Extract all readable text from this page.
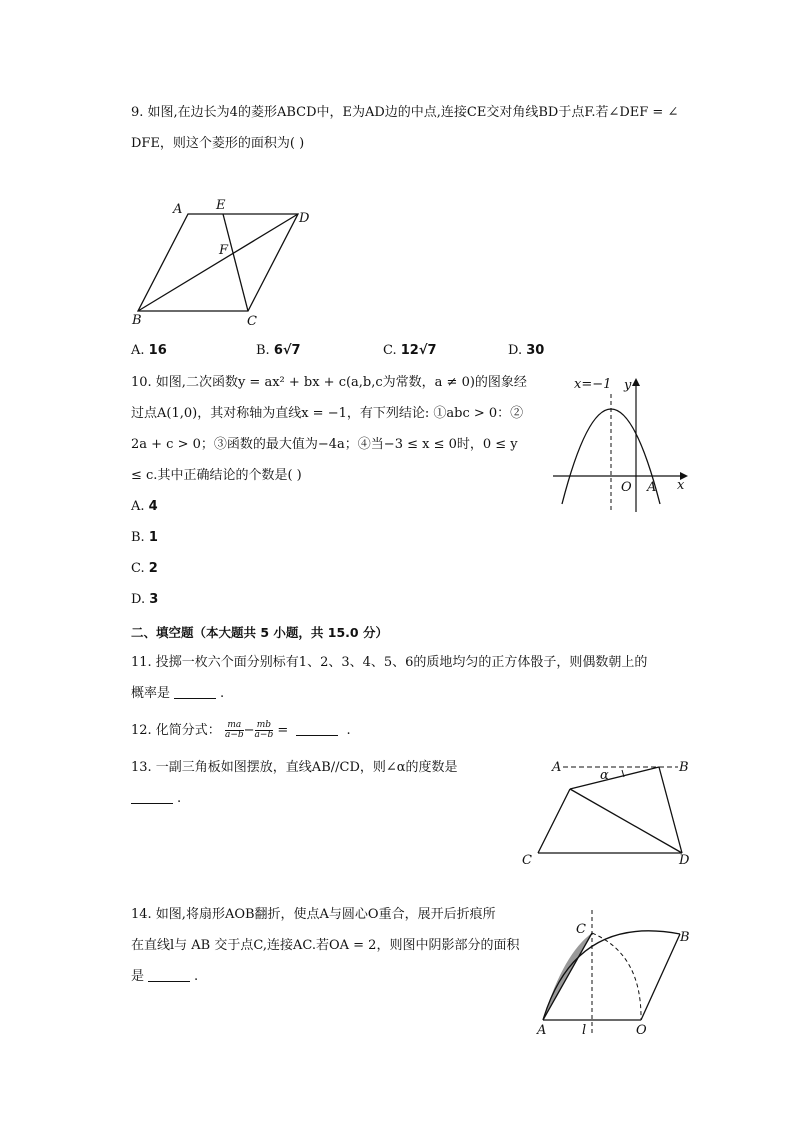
9. 如图,在边长为4的菱形ABCD中，E为AD边的中点,连接CE交对角线BD于点F.若∠DEF = ∠
DFE，则这个菱形的面积为( )
A	E
D
F
B	C
A. 16	B. 6√7	C. 12√7	D. 30
10. 如图,二次函数y = ax² + bx + c(a,b,c为常数，a ≠ 0)的图象经
过点A(1,0)，其对称轴为直线x = −1，有下列结论: ①abc > 0：②
2a + c > 0；③函数的最大值为−4a；④当−3 ≤ x ≤ 0时，0 ≤ y
≤ c.其中正确结论的个数是( )
x=−1 y
O A x
A. 4
B. 1
C. 2
D. 3
二、填空题（本大题共 5 小题，共 15.0 分）
11. 投掷一枚六个面分别标有1、2、3、4、5、6的质地均匀的正方体骰子，则偶数朝上的
概率是	.
12. 化简分式： $\frac{ma}{a-b} - \frac{mb}{a-b}$ =	.
13. 一副三角板如图摆放，直线AB//CD，则∠α的度数是
.
A
α
B
C	D
14. 如图,将扇形AOB翻折，使点A与圆心O重合，展开后折痕所
在直线l与 AB 交于点C,连接AC.若OA = 2，则图中阴影部分的面积
是	.
C
B
A	l	O
